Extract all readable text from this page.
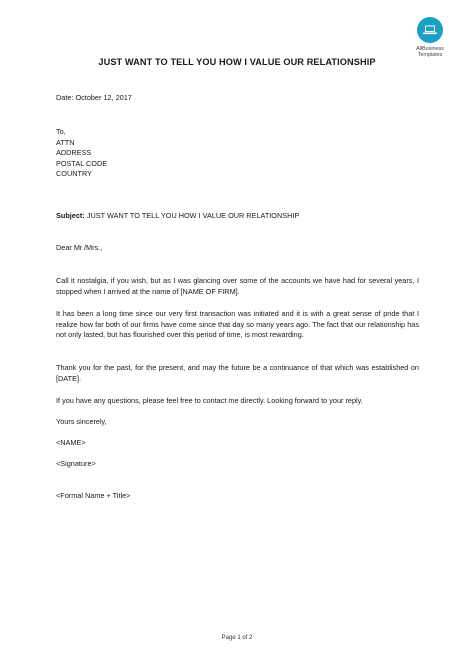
AllBusiness
Templates
JUST WANT TO TELL YOU HOW I VALUE OUR RELATIONSHIP
Date: October 12, 2017
To,
ATTN
ADDRESS
POSTAL CODE
COUNTRY
Subject: JUST WANT TO TELL YOU HOW I VALUE OUR RELATIONSHIP
Dear Mr./Mrs.,
Call it nostalgia, if you wish, but as I was glancing over some of the accounts we have had for several years, I stopped when I arrived at the name of [NAME OF FIRM].
It has been a long time since our very first transaction was initiated and it is with a great sense of pride that I realize how far both of our firms have come since that day so many years ago. The fact that our relationship has not only lasted, but has flourished over this period of time, is most rewarding.
Thank you for the past, for the present, and may the future be a continuance of that which was established on [DATE].
If you have any questions, please feel free to contact me directly. Looking forward to your reply.
Yours sincerely,
<NAME>
<Signature>
<Formal Name + Title>
Page 1 of 2
